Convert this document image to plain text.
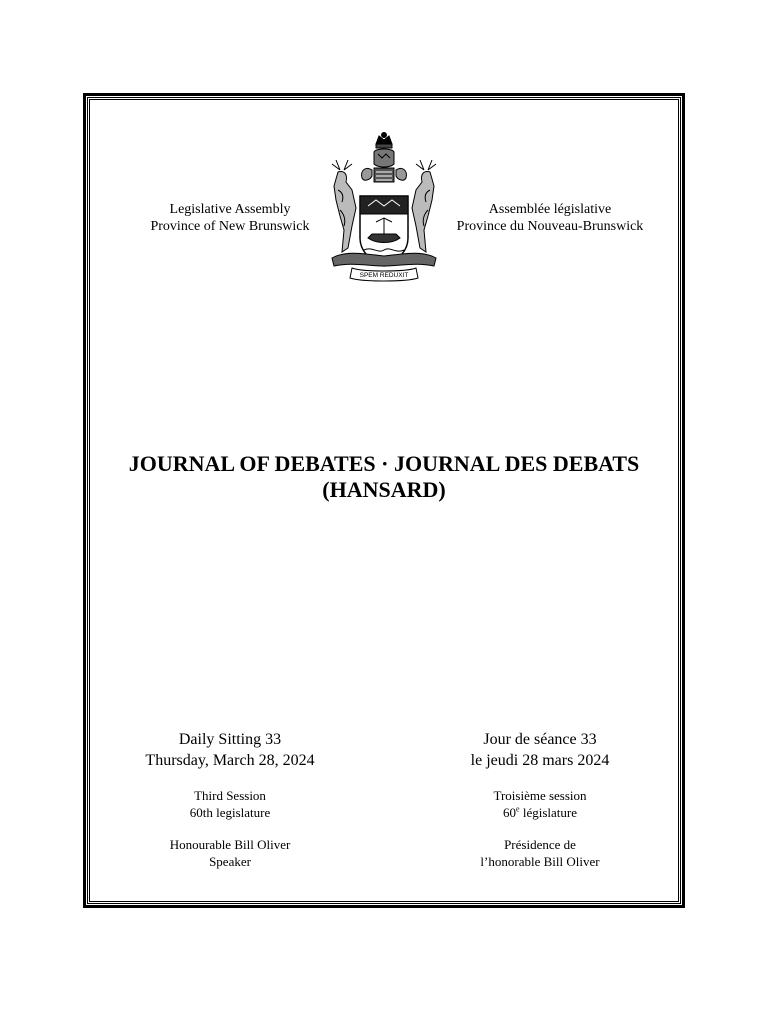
Legislative Assembly
Province of New Brunswick
SPEM REDUXIT
Assemblée législative
Province du Nouveau-Brunswick
JOURNAL OF DEBATES · JOURNAL DES DEBATS
(HANSARD)
Daily Sitting 33
Thursday, March 28, 2024
Jour de séance 33
le jeudi 28 mars 2024
Third Session
60th legislature
Troisième session
60e législature
Honourable Bill Oliver
Speaker
Présidence de
l’honorable Bill Oliver
